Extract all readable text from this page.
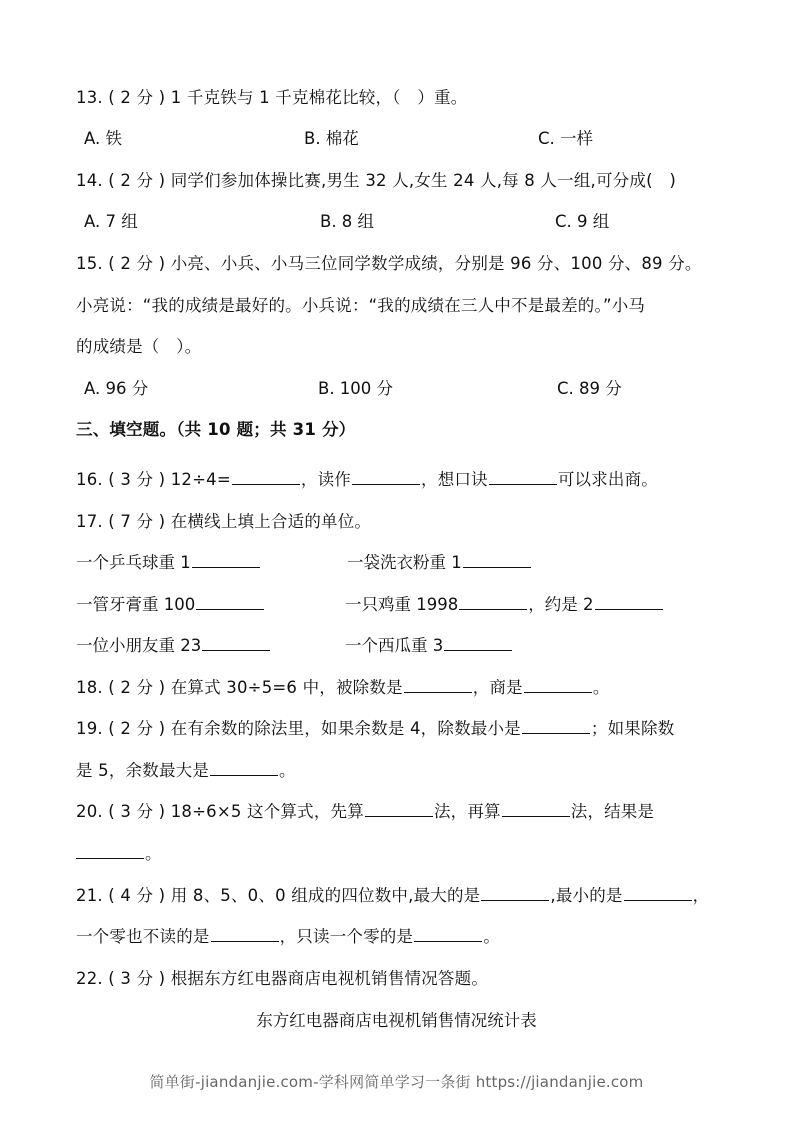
13. ( 2 分 ) 1 千克铁与 1 千克棉花比较，（　）重。
A. 铁	B. 棉花	C. 一样
14. ( 2 分 ) 同学们参加体操比赛,男生 32 人,女生 24 人,每 8 人一组,可分成(　)
A. 7 组	B. 8 组	C. 9 组
15. ( 2 分 ) 小亮、小兵、小马三位同学数学成绩，分别是 96 分、100 分、89 分。
小亮说：“我的成绩是最好的。小兵说：“我的成绩在三人中不是最差的。”小马
的成绩是（　）。
A. 96 分	B. 100 分	C. 89 分
三、填空题。（共 10 题；共 31 分）
16. ( 3 分 ) 12÷4=	，读作	，想口诀	可以求出商。
17. ( 7 分 ) 在横线上填上合适的单位。
一个乒乓球重 1	一袋洗衣粉重 1
一管牙膏重 100	一只鸡重 1998	，约是 2
一位小朋友重 23	一个西瓜重 3
18. ( 2 分 ) 在算式 30÷5=6 中，被除数是	，商是	。
19. ( 2 分 ) 在有余数的除法里，如果余数是 4，除数最小是	；如果除数
是 5，余数最大是	。
20. ( 3 分 ) 18÷6×5 这个算式，先算	法，再算	法，结果是
。
21. ( 4 分 ) 用 8、5、0、0 组成的四位数中,最大的是	,最小的是	，
一个零也不读的是	，只读一个零的是	。
22. ( 3 分 ) 根据东方红电器商店电视机销售情况答题。
东方红电器商店电视机销售情况统计表
简单街-jiandanjie.com-学科网简单学习一条街 https://jiandanjie.com
